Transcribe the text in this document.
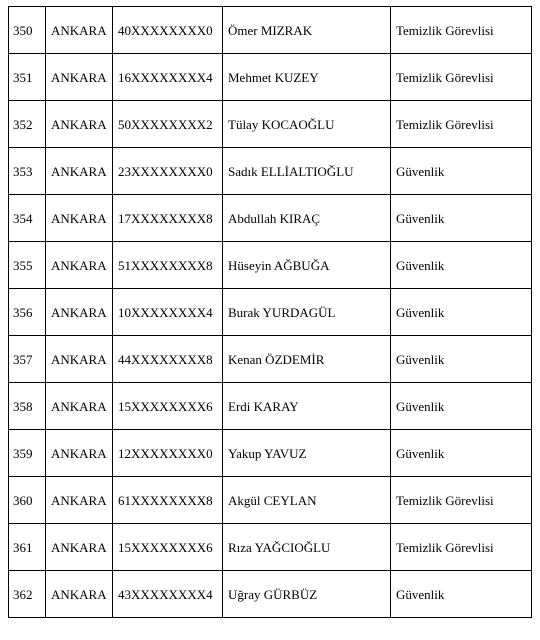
350	ANKARA	40XXXXXXXX0	Ömer MIZRAK	Temizlik Görevlisi
351	ANKARA	16XXXXXXXX4	Mehmet KUZEY	Temizlik Görevlisi
352	ANKARA	50XXXXXXXX2	Tülay KOCAOĞLU	Temizlik Görevlisi
353	ANKARA	23XXXXXXXX0	Sadık ELLİALTIOĞLU	Güvenlik
354	ANKARA	17XXXXXXXX8	Abdullah KIRAÇ	Güvenlik
355	ANKARA	51XXXXXXXX8	Hüseyin AĞBUĞA	Güvenlik
356	ANKARA	10XXXXXXXX4	Burak YURDAGÜL	Güvenlik
357	ANKARA	44XXXXXXXX8	Kenan ÖZDEMİR	Güvenlik
358	ANKARA	15XXXXXXXX6	Erdi KARAY	Güvenlik
359	ANKARA	12XXXXXXXX0	Yakup YAVUZ	Güvenlik
360	ANKARA	61XXXXXXXX8	Akgül CEYLAN	Temizlik Görevlisi
361	ANKARA	15XXXXXXXX6	Rıza YAĞCIOĞLU	Temizlik Görevlisi
362	ANKARA	43XXXXXXXX4	Uğray GÜRBÜZ	Güvenlik
